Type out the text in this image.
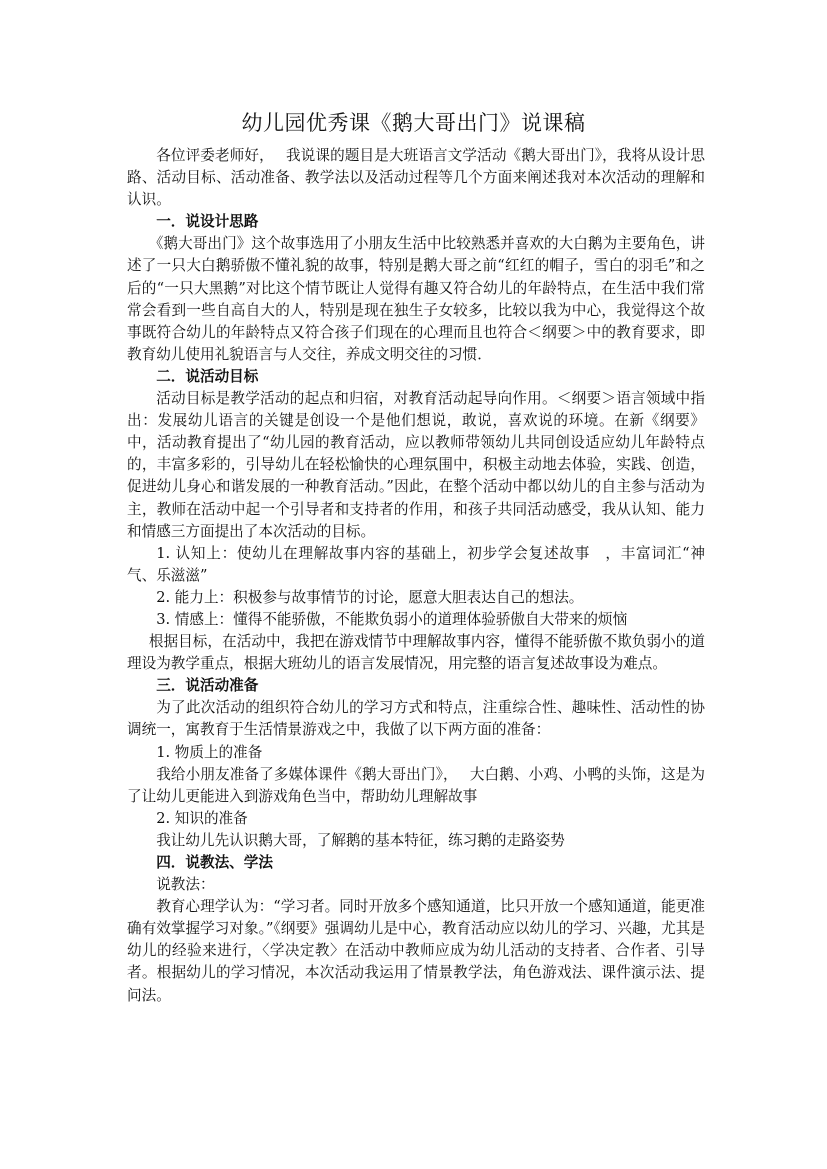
幼儿园优秀课《鹅大哥出门》说课稿

各位评委老师好，　 我说课的题目是大班语言文学活动《鹅大哥出门》，我将从设计思路、活动目标、活动准备、教学法以及活动过程等几个方面来阐述我对本次活动的理解和认识。

一．说设计思路

《鹅大哥出门》这个故事选用了小朋友生活中比较熟悉并喜欢的大白鹅为主要角色，讲述了一只大白鹅骄傲不懂礼貌的故事，特别是鹅大哥之前“红红的帽子，雪白的羽毛”和之后的“一只大黑鹅”对比这个情节既让人觉得有趣又符合幼儿的年龄特点，在生活中我们常常会看到一些自高自大的人，特别是现在独生子女较多，比较以我为中心，我觉得这个故事既符合幼儿的年龄特点又符合孩子们现在的心理而且也符合＜纲要＞中的教育要求，即教育幼儿使用礼貌语言与人交往，养成文明交往的习惯．

二．说活动目标

活动目标是教学活动的起点和归宿，对教育活动起导向作用。＜纲要＞语言领域中指出：发展幼儿语言的关键是创设一个是他们想说，敢说，喜欢说的环境。在新《纲要》中，活动教育提出了“幼儿园的教育活动，应以教师带领幼儿共同创设适应幼儿年龄特点的，丰富多彩的，引导幼儿在轻松愉快的心理氛围中，积极主动地去体验，实践、创造，促进幼儿身心和谐发展的一种教育活动。”因此，在整个活动中都以幼儿的自主参与活动为主，教师在活动中起一个引导者和支持者的作用，和孩子共同活动感受，我从认知、能力和情感三方面提出了本次活动的目标。

1. 认知上：使幼儿在理解故事内容的基础上，初步学会复述故事　，丰富词汇“神气、乐滋滋”

2. 能力上：积极参与故事情节的讨论，愿意大胆表达自己的想法。

3. 情感上：懂得不能骄傲，不能欺负弱小的道理体验骄傲自大带来的烦恼

根据目标，在活动中，我把在游戏情节中理解故事内容，懂得不能骄傲不欺负弱小的道理设为教学重点，根据大班幼儿的语言发展情况，用完整的语言复述故事设为难点。

三．说活动准备

为了此次活动的组织符合幼儿的学习方式和特点，注重综合性、趣味性、活动性的协调统一，寓教育于生活情景游戏之中，我做了以下两方面的准备：

1. 物质上的准备

我给小朋友准备了多媒体课件《鹅大哥出门》，　 大白鹅、小鸡、小鸭的头饰，这是为了让幼儿更能进入到游戏角色当中，帮助幼儿理解故事

2. 知识的准备

我让幼儿先认识鹅大哥，了解鹅的基本特征，练习鹅的走路姿势

四．说教法、学法

说教法：

教育心理学认为：“学习者。同时开放多个感知通道，比只开放一个感知通道，能更准确有效掌握学习对象。”《纲要》强调幼儿是中心，教育活动应以幼儿的学习、兴趣，尤其是幼儿的经验来进行，〈学决定教〉在活动中教师应成为幼儿活动的支持者、合作者、引导者。根据幼儿的学习情况，本次活动我运用了情景教学法，角色游戏法、课件演示法、提问法。
